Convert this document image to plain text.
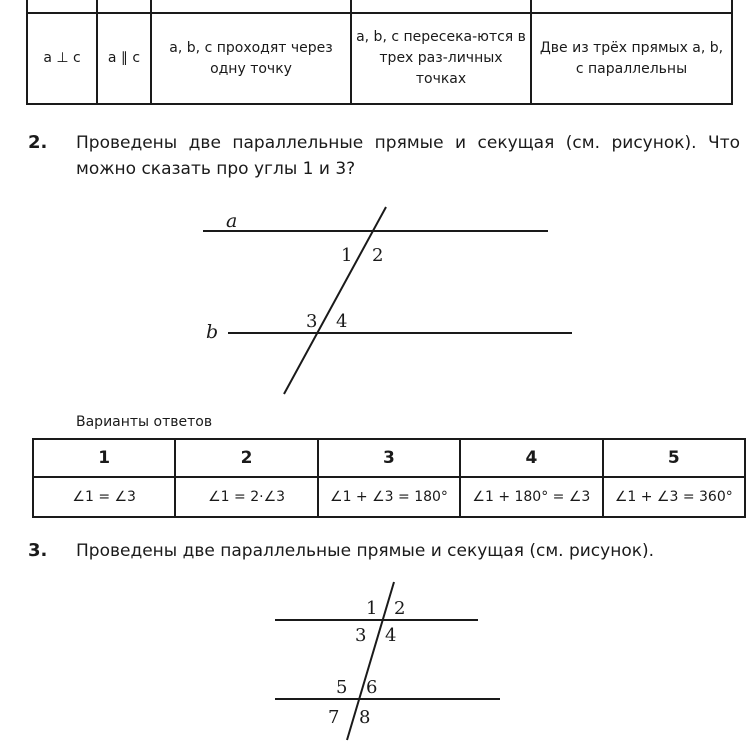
a ⊥ c	a ∥ c	a, b, c проходят через одну точку	a, b, c пересека-ются в трех раз-личных точках	Две из трёх прямых a, b, c параллельны
2. Проведены две параллельные прямые и секущая (см. рисунок). Что можно сказать про углы 1 и 3?
a
b
1 2
3 4
Варианты ответов
1	2	3	4	5
∠1 = ∠3	∠1 = 2·∠3	∠1 + ∠3 = 180°	∠1 + 180° = ∠3	∠1 + ∠3 = 360°
3. Проведены две параллельные прямые и секущая (см. рисунок).
1 2
3 4
5 6
7 8
